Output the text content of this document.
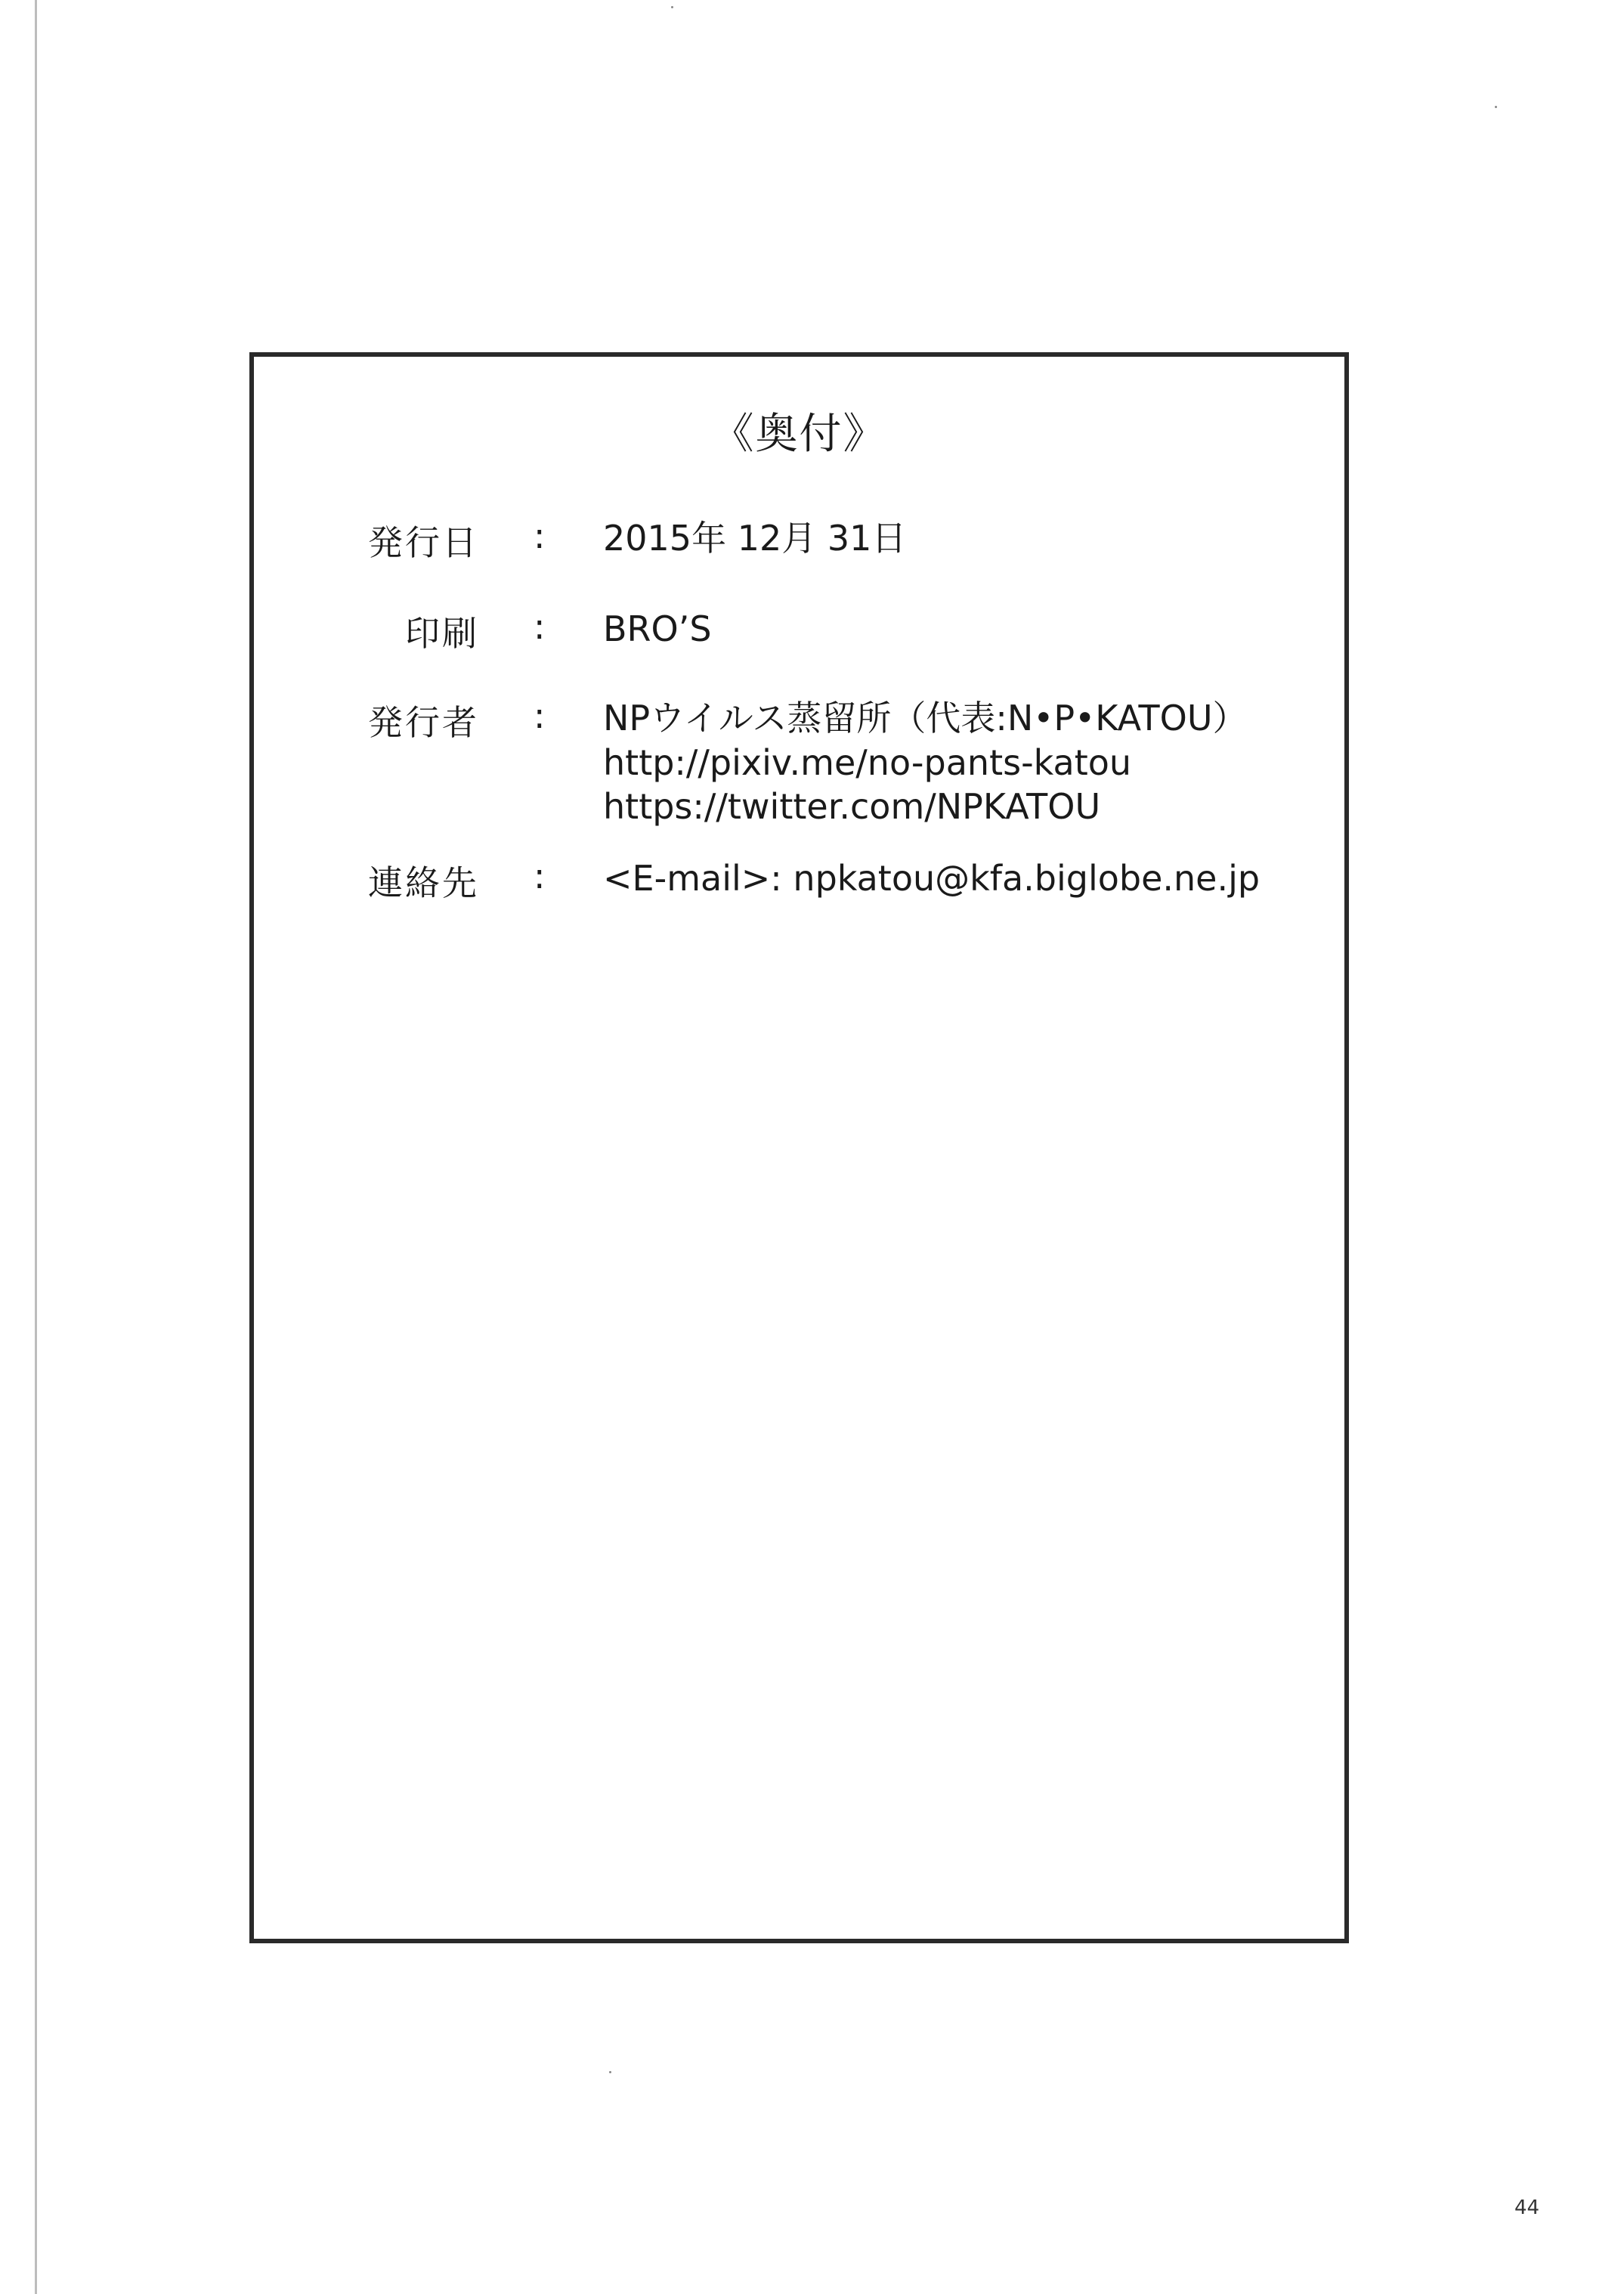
《奥付》
発行日 : 2015年 12月 31日
印刷 : BRO’S
発行者 : NPウイルス蒸留所（代表:N•P•KATOU）
http://pixiv.me/no-pants-katou
https://twitter.com/NPKATOU
連絡先 : <E-mail>: npkatou@kfa.biglobe.ne.jp
44
